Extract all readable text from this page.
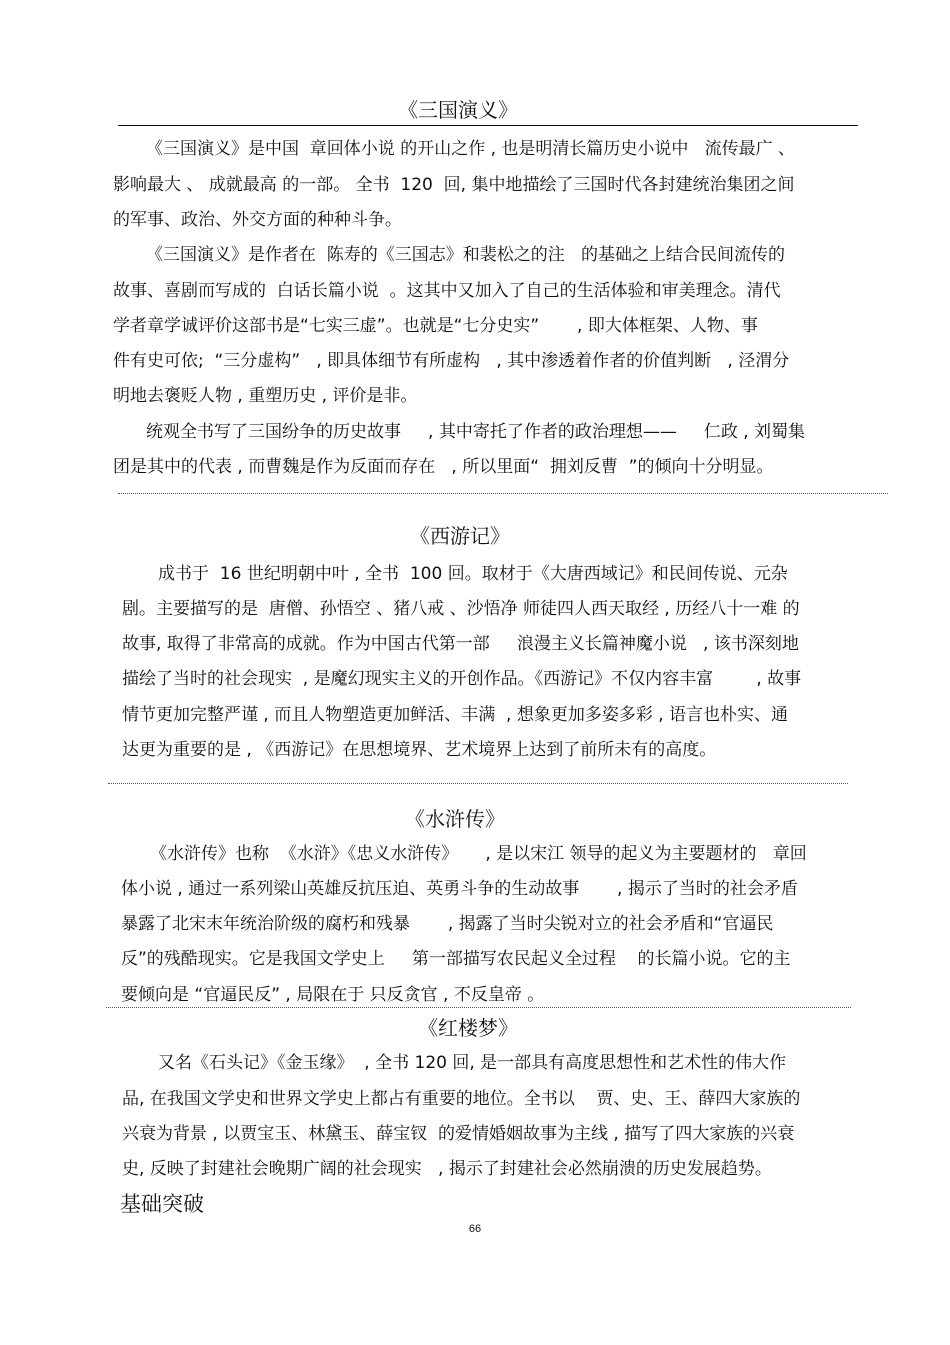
《三国演义》
《三国演义》是中国  章回体小说 的开山之作 , 也是明清长篇历史小说中   流传最广 、
影响最大 、 成就最高 的一部。 全书  120  回, 集中地描绘了三国时代各封建统治集团之间
的军事、政治、外交方面的种种斗争。
《三国演义》是作者在  陈寿的《三国志》和裴松之的注   的基础之上结合民间流传的
故事、喜剧而写成的  白话长篇小说  。这其中又加入了自己的生活体验和审美理念。清代
学者章学诚评价这部书是“七实三虚”。也就是“七分史实”       , 即大体框架、人物、事
件有史可依;  “三分虚构”   , 即具体细节有所虚构   , 其中渗透着作者的价值判断   , 泾渭分
明地去褒贬人物 , 重塑历史 , 评价是非。
统观全书写了三国纷争的历史故事     , 其中寄托了作者的政治理想——     仁政 , 刘蜀集
团是其中的代表 , 而曹魏是作为反面而存在   , 所以里面“  拥刘反曹  ”的倾向十分明显。
《西游记》
成书于  16 世纪明朝中叶 , 全书  100 回。取材于《大唐西域记》和民间传说、元杂
剧。主要描写的是  唐僧、孙悟空 、猪八戒 、沙悟净 师徒四人西天取经 , 历经八十一难 的
故事, 取得了非常高的成就。作为中国古代第一部     浪漫主义长篇神魔小说   , 该书深刻地
描绘了当时的社会现实  , 是魔幻现实主义的开创作品。《西游记》不仅内容丰富        , 故事
情节更加完整严谨 , 而且人物塑造更加鲜活、丰满  , 想象更加多姿多彩 , 语言也朴实、通
达更为重要的是 , 《西游记》在思想境界、艺术境界上达到了前所未有的高度。
《水浒传》
《水浒传》也称  《水浒》《忠义水浒传》     , 是以宋江 领导的起义为主要题材的   章回
体小说 , 通过一系列梁山英雄反抗压迫、英勇斗争的生动故事       , 揭示了当时的社会矛盾
暴露了北宋末年统治阶级的腐朽和残暴       , 揭露了当时尖锐对立的社会矛盾和“官逼民
反”的残酷现实。它是我国文学史上     第一部描写农民起义全过程    的长篇小说。它的主
要倾向是 “官逼民反” , 局限在于 只反贪官 , 不反皇帝 。
《红楼梦》
又名《石头记》《金玉缘》  , 全书 120 回, 是一部具有高度思想性和艺术性的伟大作
品, 在我国文学史和世界文学史上都占有重要的地位。全书以    贾、史、王、薛四大家族的
兴衰为背景 , 以贾宝玉、林黛玉、薛宝钗  的爱情婚姻故事为主线 , 描写了四大家族的兴衰
史, 反映了封建社会晚期广阔的社会现实   , 揭示了封建社会必然崩溃的历史发展趋势。
基础突破
66
